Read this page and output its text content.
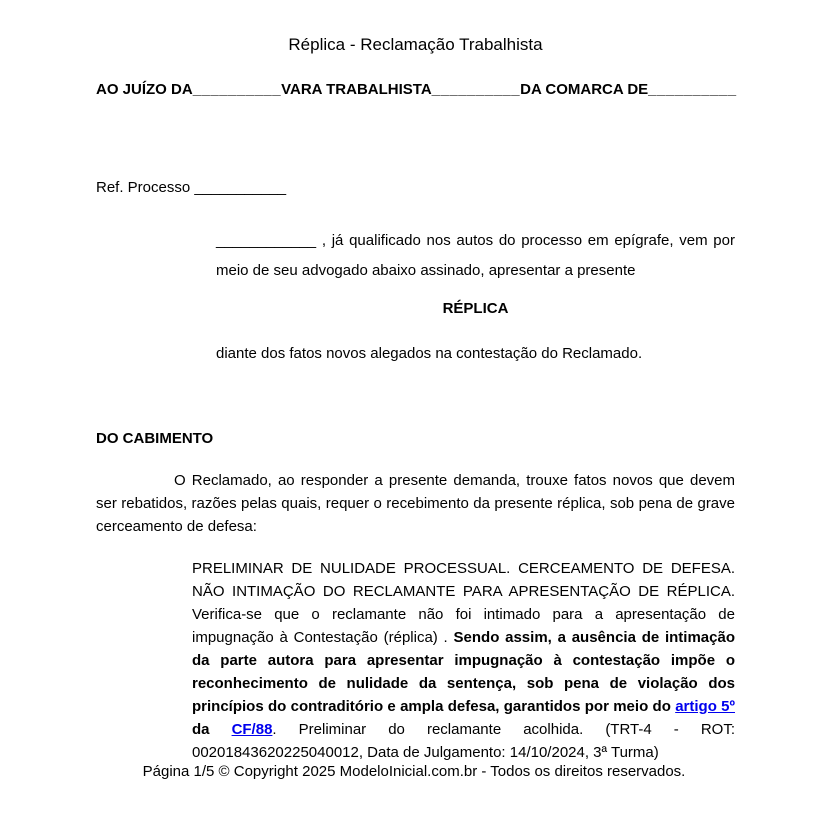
Réplica - Reclamação Trabalhista
AO JUÍZO DA __________ VARA TRABALHISTA __________ DA COMARCA DE __________

Ref. Processo ___________

____________ , já qualificado nos autos do processo em epígrafe, vem por meio de seu advogado abaixo assinado, apresentar a presente

RÉPLICA

diante dos fatos novos alegados na contestação do Reclamado.

DO CABIMENTO

O Reclamado, ao responder a presente demanda, trouxe fatos novos que devem ser rebatidos, razões pelas quais, requer o recebimento da presente réplica, sob pena de grave cerceamento de defesa:

PRELIMINAR DE NULIDADE PROCESSUAL. CERCEAMENTO DE DEFESA. NÃO INTIMAÇÃO DO RECLAMANTE PARA APRESENTAÇÃO DE RÉPLICA. Verifica-se que o reclamante não foi intimado para a apresentação de impugnação à Contestação (réplica) . Sendo assim, a ausência de intimação da parte autora para apresentar impugnação à contestação impõe o reconhecimento de nulidade da sentença, sob pena de violação dos princípios do contraditório e ampla defesa, garantidos por meio do artigo 5º da CF/88. Preliminar do reclamante acolhida. (TRT-4 - ROT: 00201843620225040012, Data de Julgamento: 14/10/2024, 3ª Turma)
Página 1/5 © Copyright 2025 ModeloInicial.com.br - Todos os direitos reservados.
